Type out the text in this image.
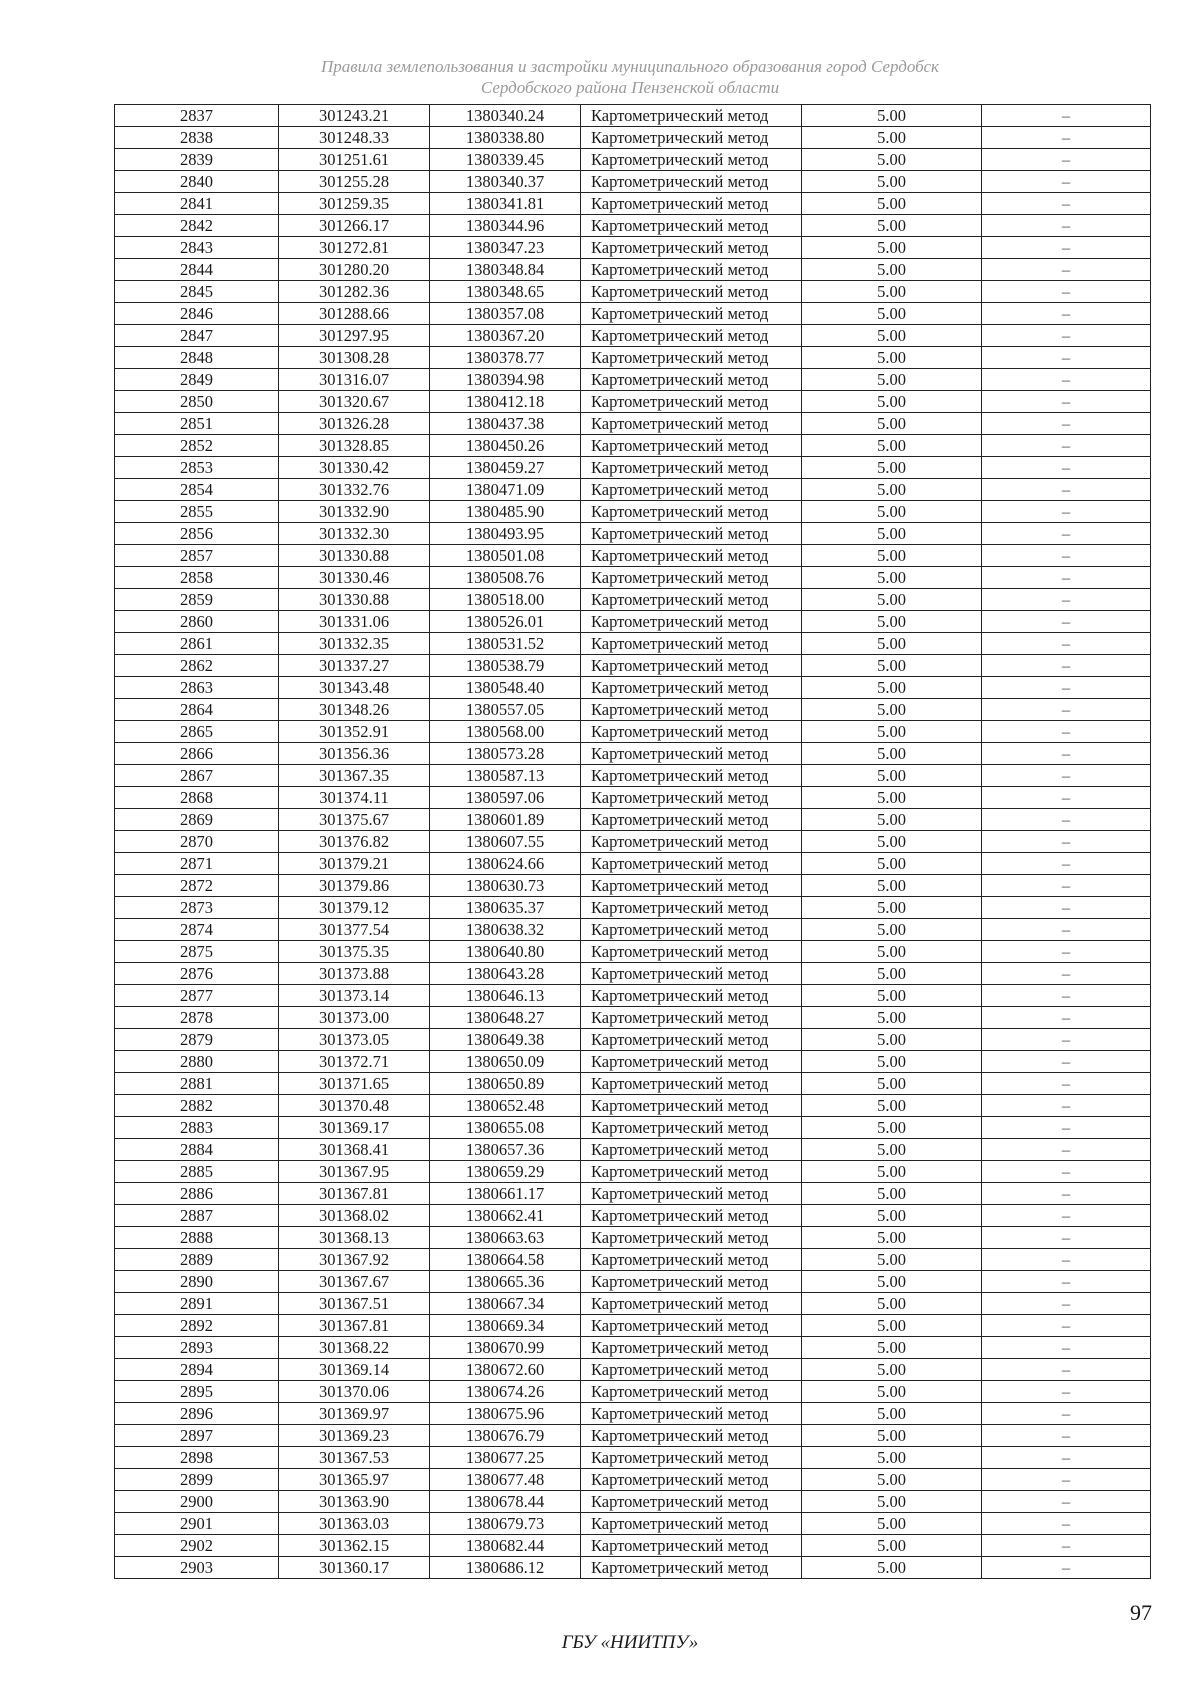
Правила землепользования и застройки муниципального образования город Сердобск
Сердобского района Пензенской области
2837	301243.21	1380340.24	Картометрический метод	5.00	–
2838	301248.33	1380338.80	Картометрический метод	5.00	–
2839	301251.61	1380339.45	Картометрический метод	5.00	–
2840	301255.28	1380340.37	Картометрический метод	5.00	–
2841	301259.35	1380341.81	Картометрический метод	5.00	–
2842	301266.17	1380344.96	Картометрический метод	5.00	–
2843	301272.81	1380347.23	Картометрический метод	5.00	–
2844	301280.20	1380348.84	Картометрический метод	5.00	–
2845	301282.36	1380348.65	Картометрический метод	5.00	–
2846	301288.66	1380357.08	Картометрический метод	5.00	–
2847	301297.95	1380367.20	Картометрический метод	5.00	–
2848	301308.28	1380378.77	Картометрический метод	5.00	–
2849	301316.07	1380394.98	Картометрический метод	5.00	–
2850	301320.67	1380412.18	Картометрический метод	5.00	–
2851	301326.28	1380437.38	Картометрический метод	5.00	–
2852	301328.85	1380450.26	Картометрический метод	5.00	–
2853	301330.42	1380459.27	Картометрический метод	5.00	–
2854	301332.76	1380471.09	Картометрический метод	5.00	–
2855	301332.90	1380485.90	Картометрический метод	5.00	–
2856	301332.30	1380493.95	Картометрический метод	5.00	–
2857	301330.88	1380501.08	Картометрический метод	5.00	–
2858	301330.46	1380508.76	Картометрический метод	5.00	–
2859	301330.88	1380518.00	Картометрический метод	5.00	–
2860	301331.06	1380526.01	Картометрический метод	5.00	–
2861	301332.35	1380531.52	Картометрический метод	5.00	–
2862	301337.27	1380538.79	Картометрический метод	5.00	–
2863	301343.48	1380548.40	Картометрический метод	5.00	–
2864	301348.26	1380557.05	Картометрический метод	5.00	–
2865	301352.91	1380568.00	Картометрический метод	5.00	–
2866	301356.36	1380573.28	Картометрический метод	5.00	–
2867	301367.35	1380587.13	Картометрический метод	5.00	–
2868	301374.11	1380597.06	Картометрический метод	5.00	–
2869	301375.67	1380601.89	Картометрический метод	5.00	–
2870	301376.82	1380607.55	Картометрический метод	5.00	–
2871	301379.21	1380624.66	Картометрический метод	5.00	–
2872	301379.86	1380630.73	Картометрический метод	5.00	–
2873	301379.12	1380635.37	Картометрический метод	5.00	–
2874	301377.54	1380638.32	Картометрический метод	5.00	–
2875	301375.35	1380640.80	Картометрический метод	5.00	–
2876	301373.88	1380643.28	Картометрический метод	5.00	–
2877	301373.14	1380646.13	Картометрический метод	5.00	–
2878	301373.00	1380648.27	Картометрический метод	5.00	–
2879	301373.05	1380649.38	Картометрический метод	5.00	–
2880	301372.71	1380650.09	Картометрический метод	5.00	–
2881	301371.65	1380650.89	Картометрический метод	5.00	–
2882	301370.48	1380652.48	Картометрический метод	5.00	–
2883	301369.17	1380655.08	Картометрический метод	5.00	–
2884	301368.41	1380657.36	Картометрический метод	5.00	–
2885	301367.95	1380659.29	Картометрический метод	5.00	–
2886	301367.81	1380661.17	Картометрический метод	5.00	–
2887	301368.02	1380662.41	Картометрический метод	5.00	–
2888	301368.13	1380663.63	Картометрический метод	5.00	–
2889	301367.92	1380664.58	Картометрический метод	5.00	–
2890	301367.67	1380665.36	Картометрический метод	5.00	–
2891	301367.51	1380667.34	Картометрический метод	5.00	–
2892	301367.81	1380669.34	Картометрический метод	5.00	–
2893	301368.22	1380670.99	Картометрический метод	5.00	–
2894	301369.14	1380672.60	Картометрический метод	5.00	–
2895	301370.06	1380674.26	Картометрический метод	5.00	–
2896	301369.97	1380675.96	Картометрический метод	5.00	–
2897	301369.23	1380676.79	Картометрический метод	5.00	–
2898	301367.53	1380677.25	Картометрический метод	5.00	–
2899	301365.97	1380677.48	Картометрический метод	5.00	–
2900	301363.90	1380678.44	Картометрический метод	5.00	–
2901	301363.03	1380679.73	Картометрический метод	5.00	–
2902	301362.15	1380682.44	Картометрический метод	5.00	–
2903	301360.17	1380686.12	Картометрический метод	5.00	–
97
ГБУ «НИИТПУ»
